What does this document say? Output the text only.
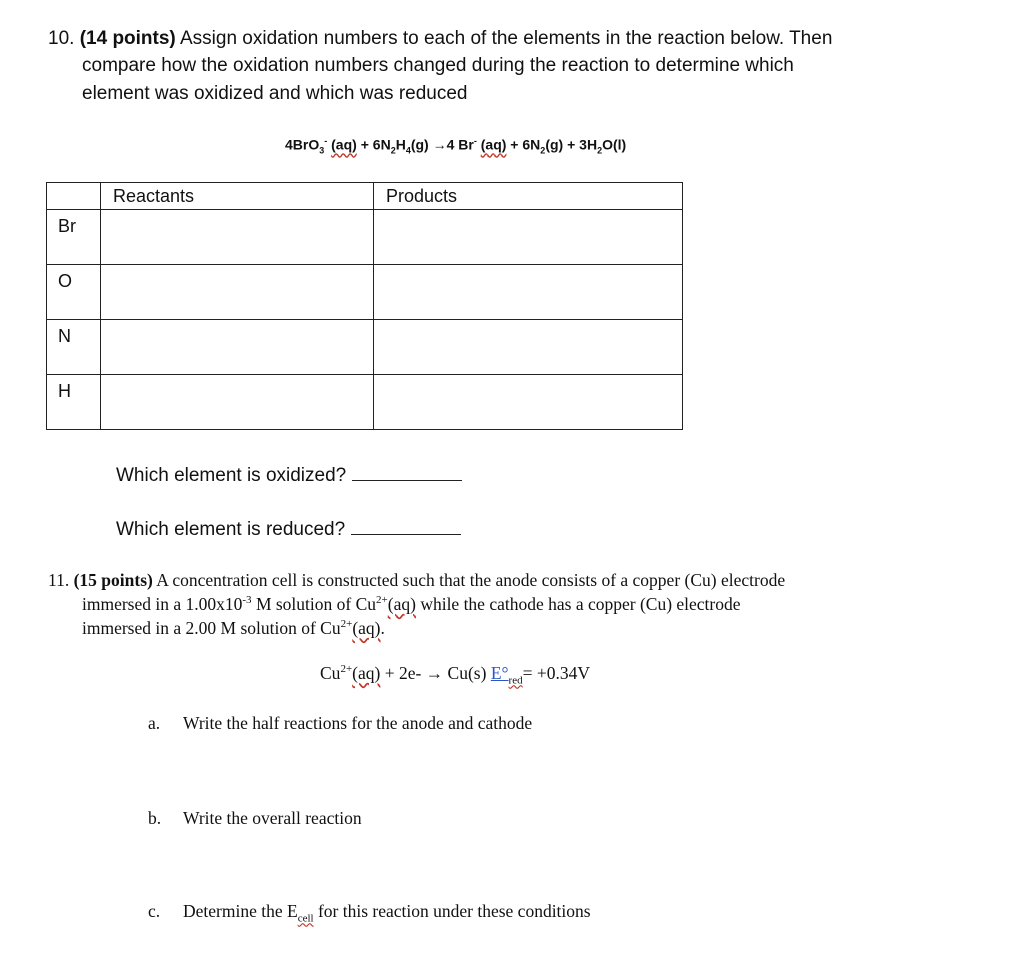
10. (14 points) Assign oxidation numbers to each of the elements in the reaction below. Then
compare how the oxidation numbers changed during the reaction to determine which
element was oxidized and which was reduced
4BrO$_3$- $(aq) + 6N_2H_4(g) \to 4$ Br- $(aq) + 6N_2(g) + 3H_2O(l)$

	Reactants	Products

Br		

O		

N		

H		

Which element is oxidized?
Which element is reduced?
11. (15 points) A concentration cell is constructed such that the anode consists of a copper (Cu) electrode
immersed in a $1.00x10^{-3}$ M solution of $Cu^{2+}(aq)$ while the cathode has a copper (Cu) electrode
immersed in a 2.00 M solution of $Cu^{2+}(aq)$.
$Cu^{2+}(aq) + 2e- \to Cu(s)$ $E^\circ_{red}= +0.34V$
a. Write the half reactions for the anode and cathode
b. Write the overall reaction
c. Determine the $E_{cell}$ for this reaction under these conditions
